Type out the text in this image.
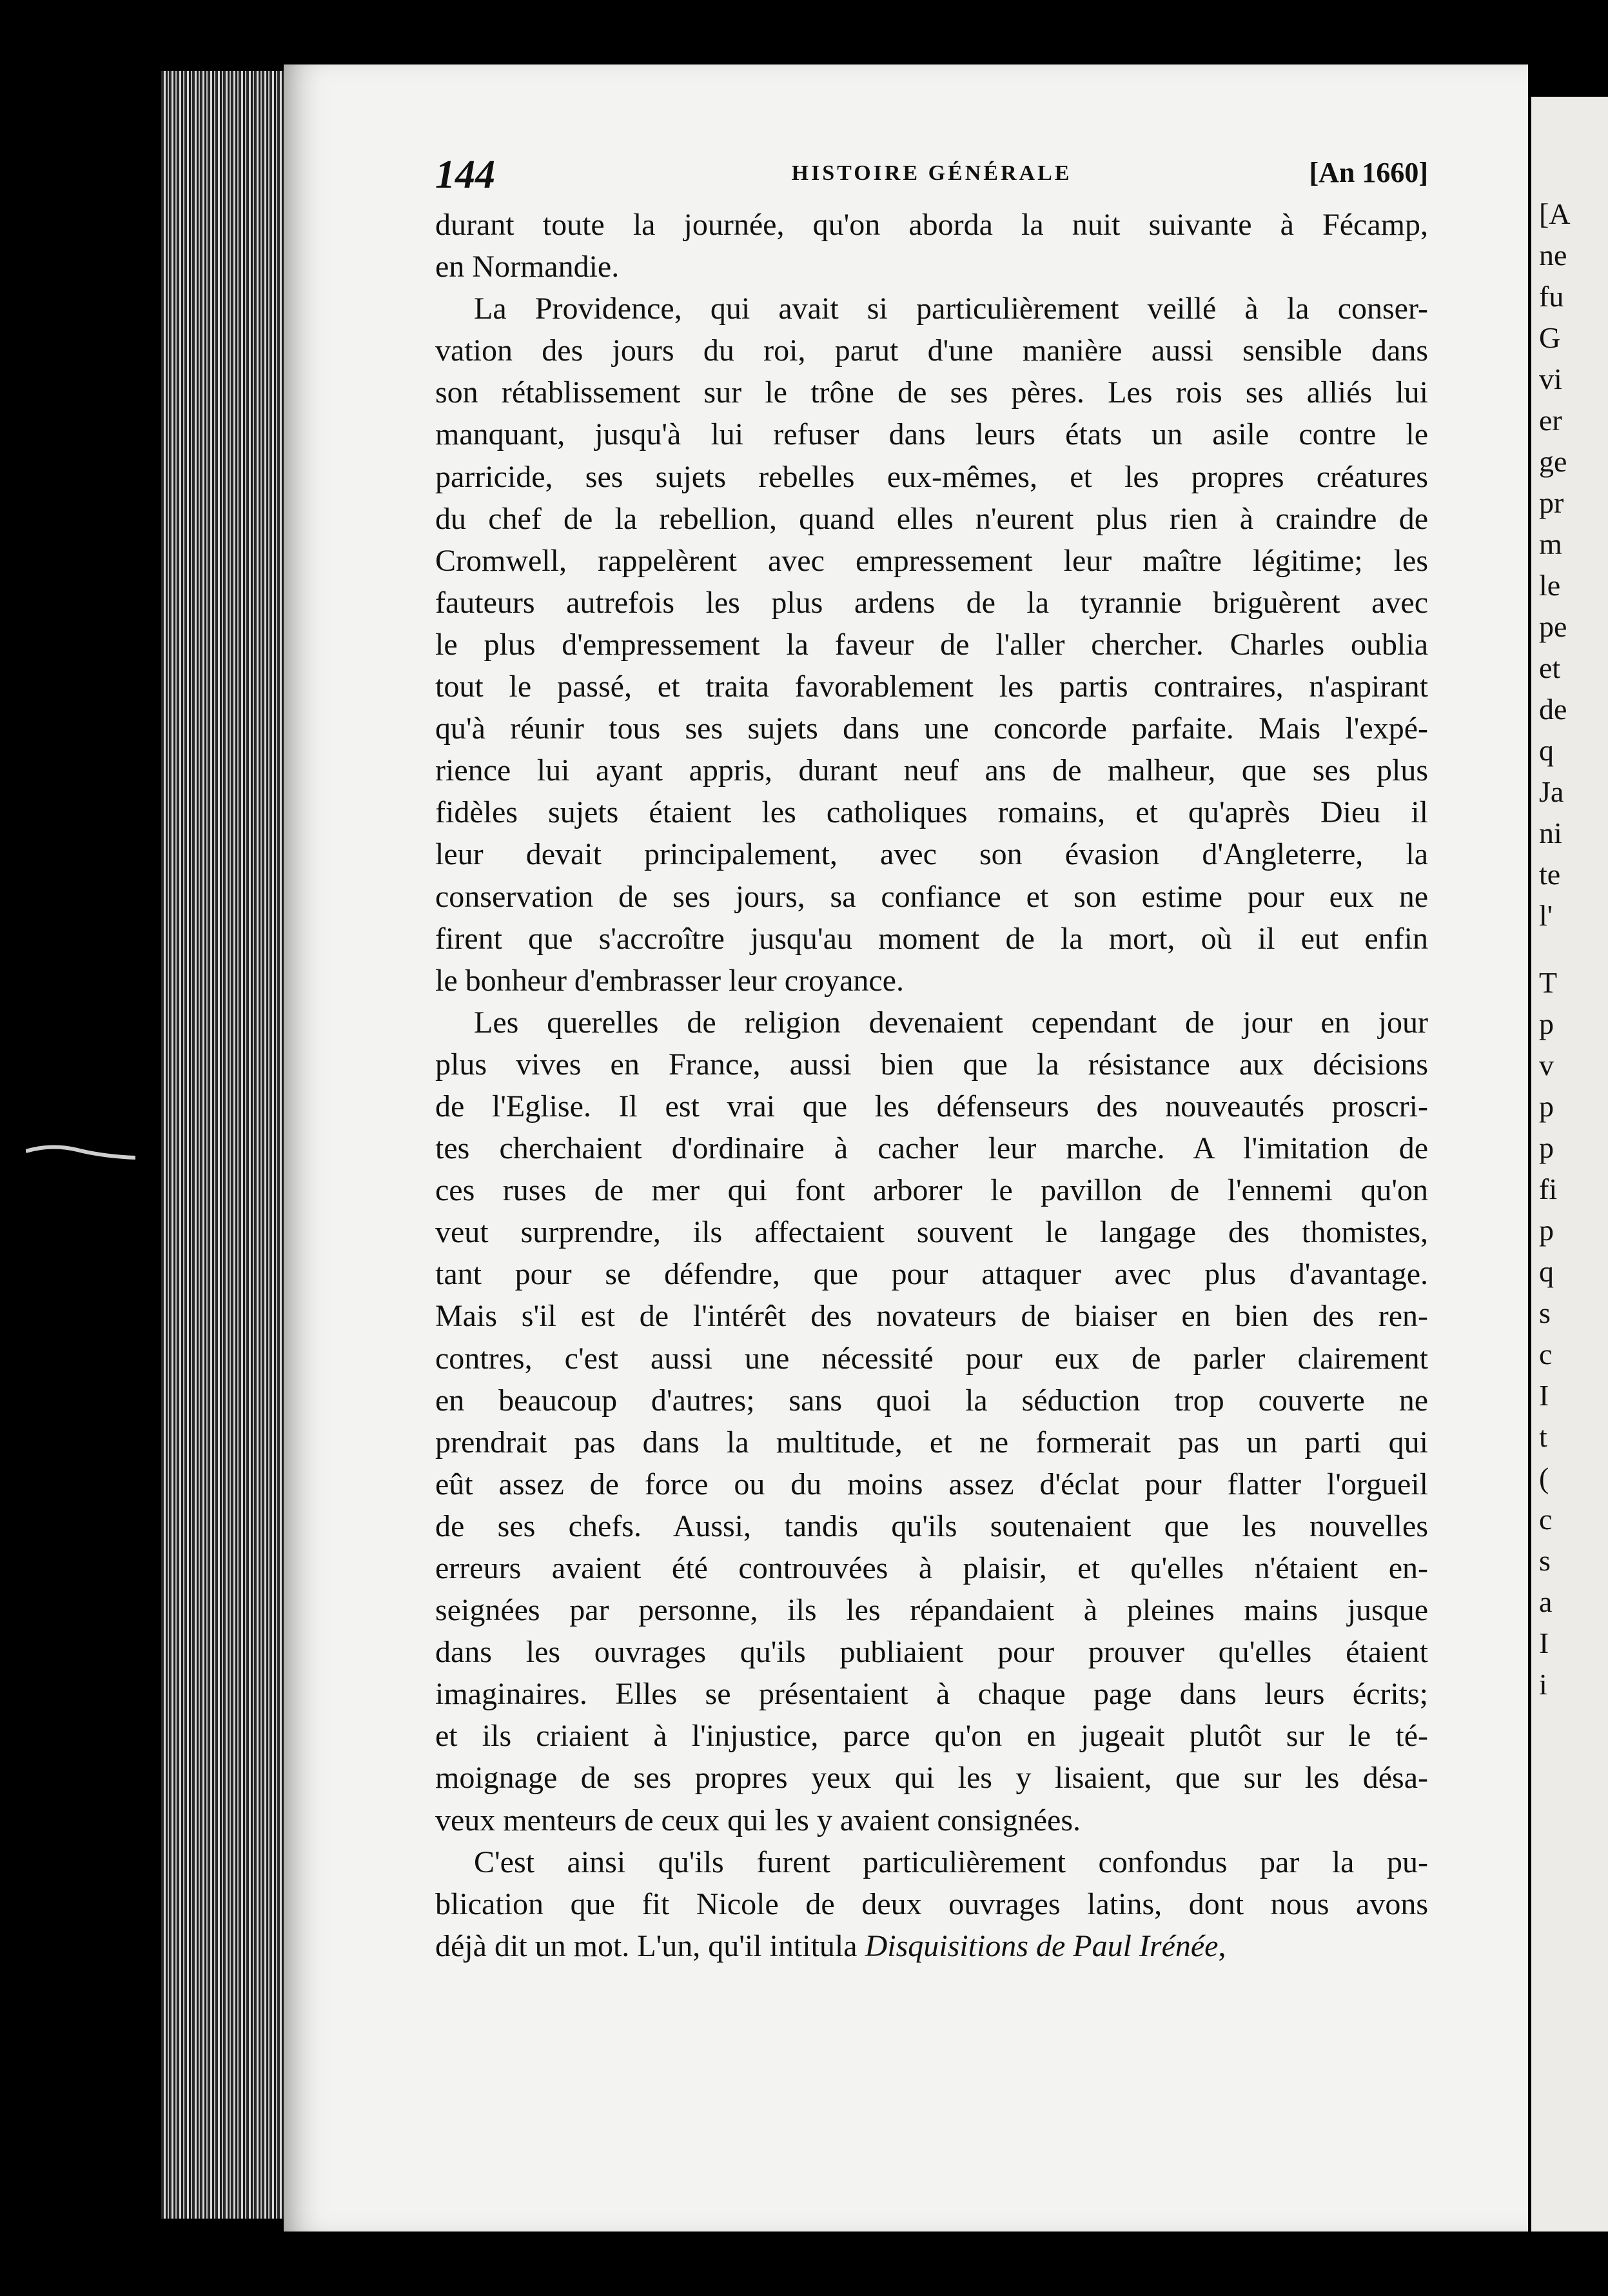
[A
ne
fu
G
vi
er
ge
pr
m
le
pe
et
de
q
Ja
ni
te
l'
T
p
v
p
p
fi
p
q
s
c
I
t
(
c
s
a
I
i
144	HISTOIRE GÉNÉRALE	[An 1660]
durant toute la journée, qu'on aborda la nuit suivante à Fécamp,
en Normandie.
La Providence, qui avait si particulièrement veillé à la conser-
vation des jours du roi, parut d'une manière aussi sensible dans
son rétablissement sur le trône de ses pères. Les rois ses alliés lui
manquant, jusqu'à lui refuser dans leurs états un asile contre le
parricide, ses sujets rebelles eux-mêmes, et les propres créatures
du chef de la rebellion, quand elles n'eurent plus rien à craindre de
Cromwell, rappelèrent avec empressement leur maître légitime; les
fauteurs autrefois les plus ardens de la tyrannie briguèrent avec
le plus d'empressement la faveur de l'aller chercher. Charles oublia
tout le passé, et traita favorablement les partis contraires, n'aspirant
qu'à réunir tous ses sujets dans une concorde parfaite. Mais l'expé-
rience lui ayant appris, durant neuf ans de malheur, que ses plus
fidèles sujets étaient les catholiques romains, et qu'après Dieu il
leur devait principalement, avec son évasion d'Angleterre, la
conservation de ses jours, sa confiance et son estime pour eux ne
firent que s'accroître jusqu'au moment de la mort, où il eut enfin
le bonheur d'embrasser leur croyance.
Les querelles de religion devenaient cependant de jour en jour
plus vives en France, aussi bien que la résistance aux décisions
de l'Eglise. Il est vrai que les défenseurs des nouveautés proscri-
tes cherchaient d'ordinaire à cacher leur marche. A l'imitation de
ces ruses de mer qui font arborer le pavillon de l'ennemi qu'on
veut surprendre, ils affectaient souvent le langage des thomistes,
tant pour se défendre, que pour attaquer avec plus d'avantage.
Mais s'il est de l'intérêt des novateurs de biaiser en bien des ren-
contres, c'est aussi une nécessité pour eux de parler clairement
en beaucoup d'autres; sans quoi la séduction trop couverte ne
prendrait pas dans la multitude, et ne formerait pas un parti qui
eût assez de force ou du moins assez d'éclat pour flatter l'orgueil
de ses chefs. Aussi, tandis qu'ils soutenaient que les nouvelles
erreurs avaient été controuvées à plaisir, et qu'elles n'étaient en-
seignées par personne, ils les répandaient à pleines mains jusque
dans les ouvrages qu'ils publiaient pour prouver qu'elles étaient
imaginaires. Elles se présentaient à chaque page dans leurs écrits;
et ils criaient à l'injustice, parce qu'on en jugeait plutôt sur le té-
moignage de ses propres yeux qui les y lisaient, que sur les désa-
veux menteurs de ceux qui les y avaient consignées.
C'est ainsi qu'ils furent particulièrement confondus par la pu-
blication que fit Nicole de deux ouvrages latins, dont nous avons
déjà dit un mot. L'un, qu'il intitula Disquisitions de Paul Irénée,
